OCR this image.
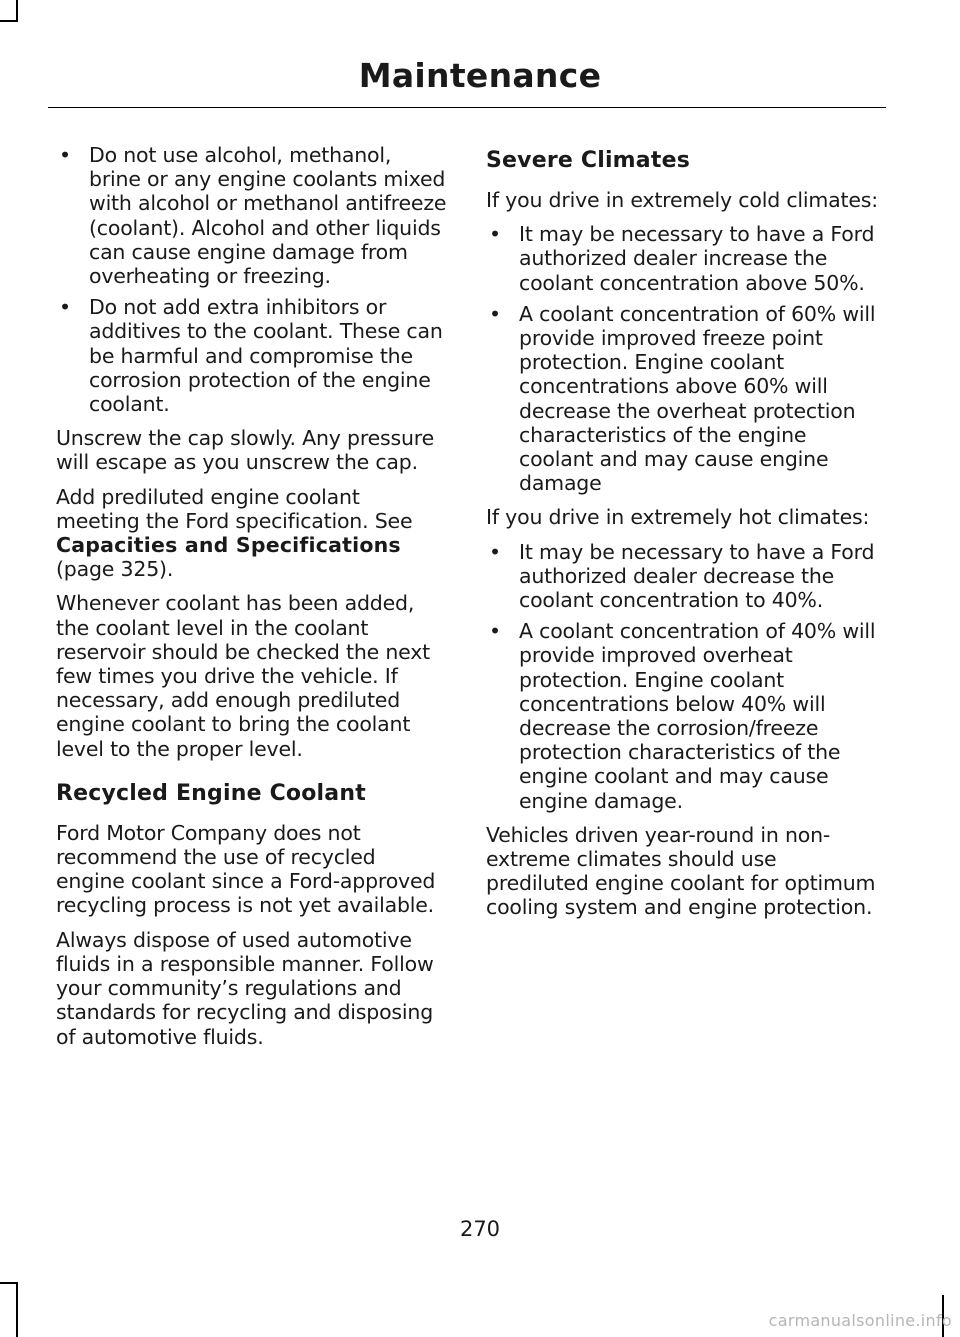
Maintenance
• Do not use alcohol, methanol, brine or any engine coolants mixed with alcohol or methanol antifreeze (coolant). Alcohol and other liquids can cause engine damage from overheating or freezing.
• Do not add extra inhibitors or additives to the coolant. These can be harmful and compromise the corrosion protection of the engine coolant.

Unscrew the cap slowly. Any pressure will escape as you unscrew the cap.

Add prediluted engine coolant meeting the Ford specification. See
Capacities and Specifications
(page 325).

Whenever coolant has been added, the coolant level in the coolant reservoir should be checked the next few times you drive the vehicle. If necessary, add enough prediluted engine coolant to bring the coolant level to the proper level.

Recycled Engine Coolant

Ford Motor Company does not recommend the use of recycled engine coolant since a Ford-approved recycling process is not yet available.

Always dispose of used automotive fluids in a responsible manner. Follow your community’s regulations and standards for recycling and disposing of automotive fluids.

Severe Climates

If you drive in extremely cold climates:

• It may be necessary to have a Ford authorized dealer increase the coolant concentration above 50%.
• A coolant concentration of 60% will provide improved freeze point protection. Engine coolant concentrations above 60% will decrease the overheat protection characteristics of the engine coolant and may cause engine damage

If you drive in extremely hot climates:

• It may be necessary to have a Ford authorized dealer decrease the coolant concentration to 40%.
• A coolant concentration of 40% will provide improved overheat protection. Engine coolant concentrations below 40% will decrease the corrosion/freeze protection characteristics of the engine coolant and may cause engine damage.

Vehicles driven year-round in non-extreme climates should use prediluted engine coolant for optimum cooling system and engine protection.

270
carmanualsonline.info
